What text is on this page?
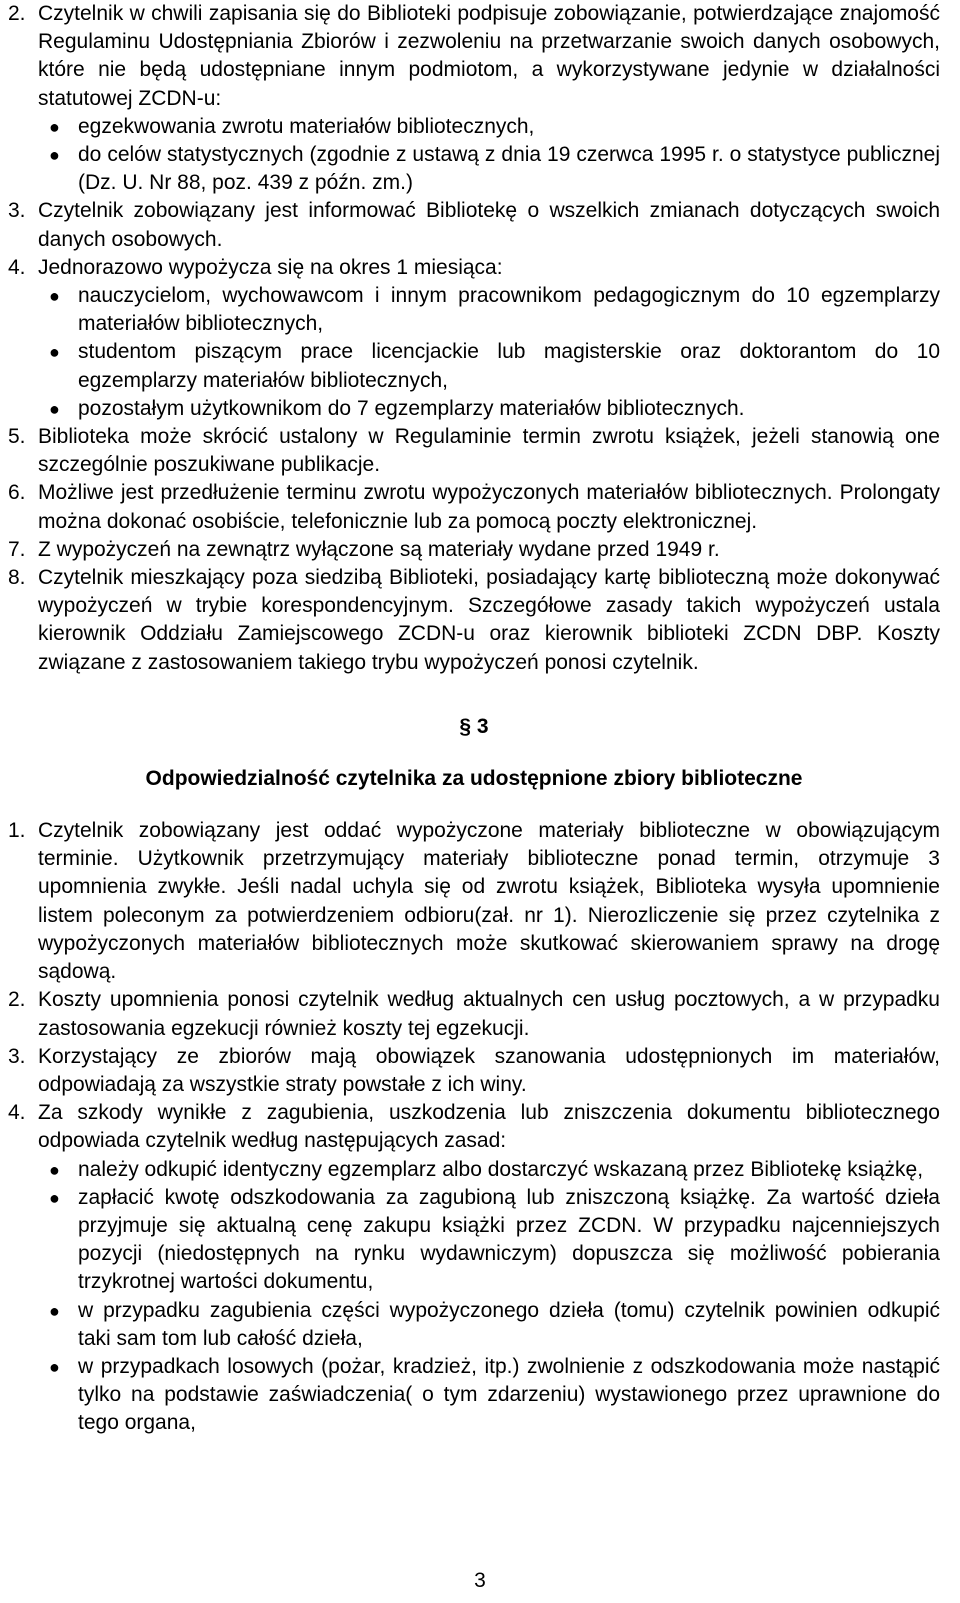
2. Czytelnik w chwili zapisania się do Biblioteki podpisuje zobowiązanie, potwierdzające znajomość Regulaminu Udostępniania Zbiorów i zezwoleniu na przetwarzanie swoich danych osobowych, które nie będą udostępniane innym podmiotom, a wykorzystywane jedynie w działalności statutowej ZCDN-u:

● egzekwowania zwrotu materiałów bibliotecznych,
● do celów statystycznych (zgodnie z ustawą z dnia 19 czerwca 1995 r. o statystyce publicznej (Dz. U. Nr 88, poz. 439 z późn. zm.)
3. Czytelnik zobowiązany jest informować Bibliotekę o wszelkich zmianach dotyczących swoich danych osobowych.

4. Jednorazowo wypożycza się na okres 1 miesiąca:

● nauczycielom, wychowawcom i innym pracownikom pedagogicznym do 10 egzemplarzy materiałów bibliotecznych,
● studentom piszącym prace licencjackie lub magisterskie oraz doktorantom do 10 egzemplarzy materiałów bibliotecznych,
● pozostałym użytkownikom do 7 egzemplarzy materiałów bibliotecznych.
5. Biblioteka może skrócić ustalony w Regulaminie termin zwrotu książek, jeżeli stanowią one szczególnie poszukiwane publikacje.

6. Możliwe jest przedłużenie terminu zwrotu wypożyczonych materiałów bibliotecznych. Prolongaty można dokonać osobiście, telefonicznie lub za pomocą poczty elektronicznej.

7. Z wypożyczeń na zewnątrz wyłączone są materiały wydane przed 1949 r.

8. Czytelnik mieszkający poza siedzibą Biblioteki, posiadający kartę biblioteczną może dokonywać wypożyczeń w trybie korespondencyjnym. Szczegółowe zasady takich wypożyczeń ustala kierownik Oddziału Zamiejscowego ZCDN-u oraz kierownik biblioteki ZCDN DBP. Koszty związane z zastosowaniem takiego trybu wypożyczeń ponosi czytelnik.

§ 3
Odpowiedzialność czytelnika za udostępnione zbiory biblioteczne
1. Czytelnik zobowiązany jest oddać wypożyczone materiały biblioteczne w obowiązującym terminie. Użytkownik przetrzymujący materiały biblioteczne ponad termin, otrzymuje 3 upomnienia zwykłe. Jeśli nadal uchyla się od zwrotu książek, Biblioteka wysyła upomnienie listem poleconym za potwierdzeniem odbioru(zał. nr 1). Nierozliczenie się przez czytelnika z wypożyczonych materiałów bibliotecznych może skutkować skierowaniem sprawy na drogę sądową.

2. Koszty upomnienia ponosi czytelnik według aktualnych cen usług pocztowych, a w przypadku zastosowania egzekucji również koszty tej egzekucji.

3. Korzystający ze zbiorów mają obowiązek szanowania udostępnionych im materiałów, odpowiadają za wszystkie straty powstałe z ich winy.

4. Za szkody wynikłe z zagubienia, uszkodzenia lub zniszczenia dokumentu bibliotecznego odpowiada czytelnik według następujących zasad:

● należy odkupić identyczny egzemplarz albo dostarczyć wskazaną przez Bibliotekę książkę,
● zapłacić kwotę odszkodowania za zagubioną lub zniszczoną książkę. Za wartość dzieła przyjmuje się aktualną cenę zakupu książki przez ZCDN. W przypadku najcenniejszych pozycji (niedostępnych na rynku wydawniczym) dopuszcza się możliwość pobierania trzykrotnej wartości dokumentu,
● w przypadku zagubienia części wypożyczonego dzieła (tomu) czytelnik powinien odkupić taki sam tom lub całość dzieła,
● w przypadkach losowych (pożar, kradzież, itp.) zwolnienie z odszkodowania może nastąpić tylko na podstawie zaświadczenia( o tym zdarzeniu) wystawionego przez uprawnione do tego organa,
3
